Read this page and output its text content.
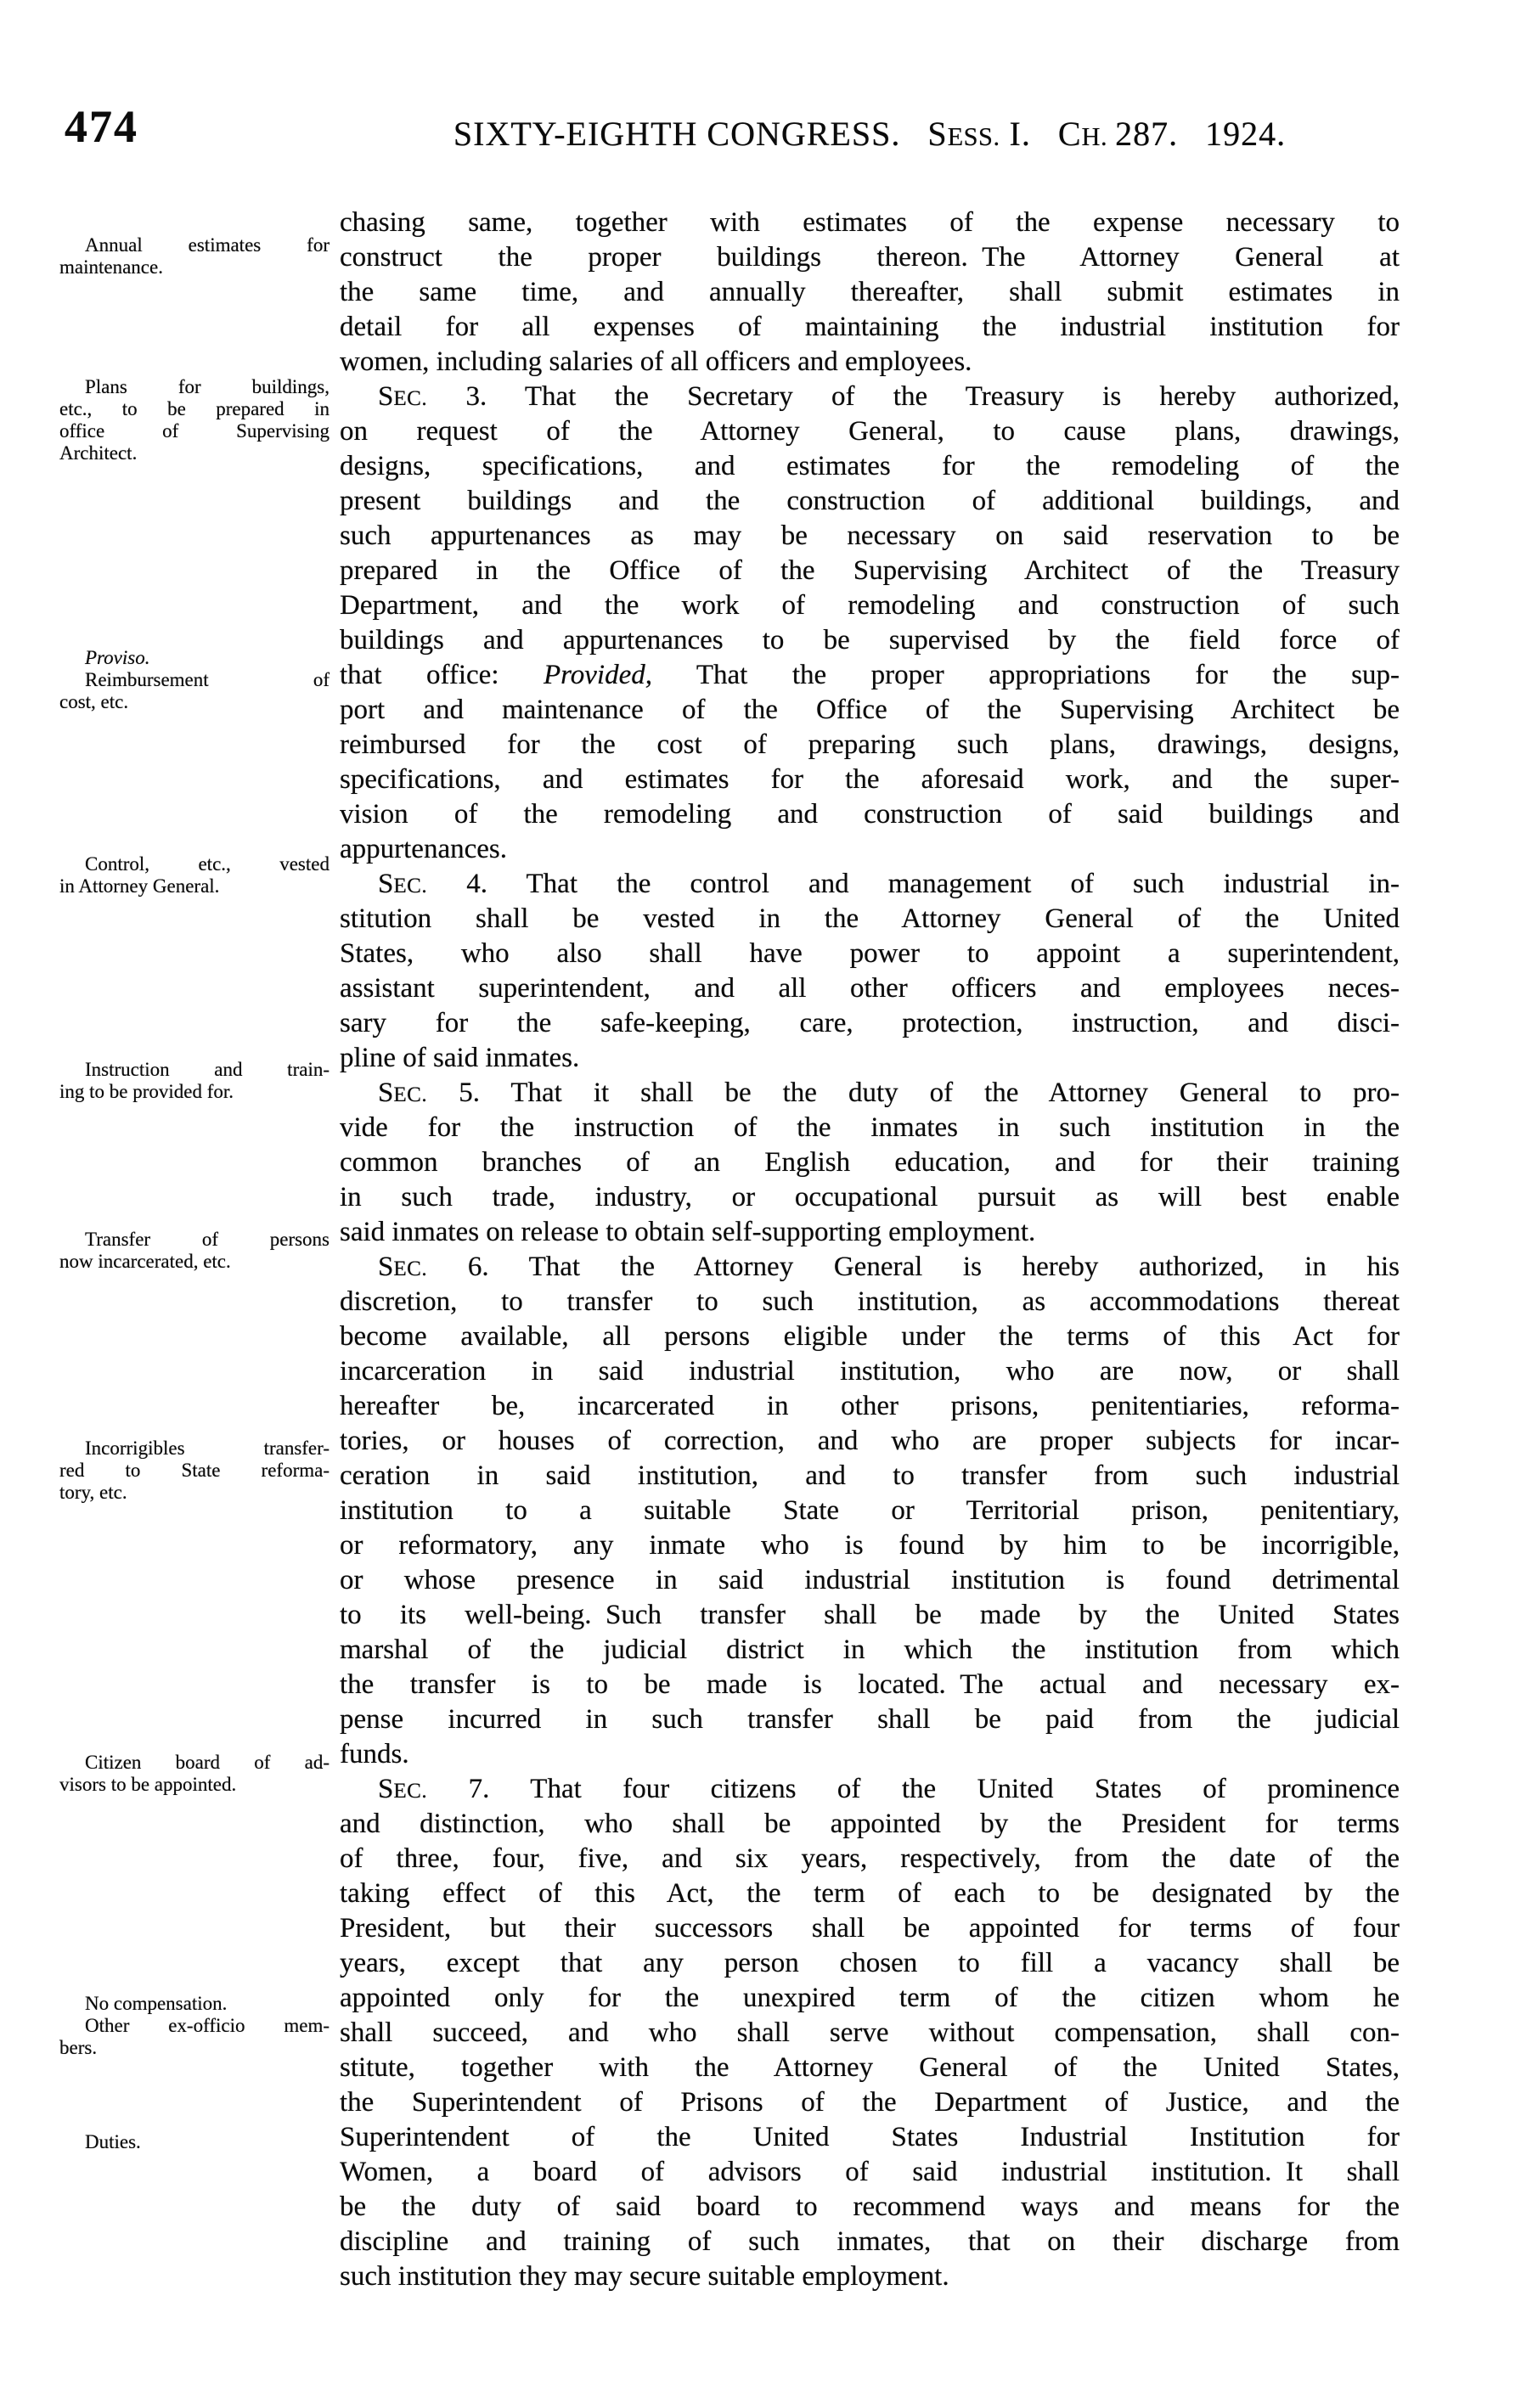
474	SIXTY-EIGHTH CONGRESS.  SESS. I.  CH. 287.  1924.
Annual estimates for
maintenance.
Plans for buildings,
etc., to be prepared in
office of Supervising
Architect.
Proviso.
Reimbursement of
cost, etc.
Control, etc., vested
in Attorney General.
Instruction and train-
ing to be provided for.
Transfer of persons
now incarcerated, etc.
Incorrigibles transfer-
red to State reforma-
tory, etc.
Citizen board of ad-
visors to be appointed.
No compensation.
Other ex-officio mem-
bers.
Duties.
chasing same, together with estimates of the expense necessary to
construct the proper buildings thereon. The Attorney General at
the same time, and annually thereafter, shall submit estimates in
detail for all expenses of maintaining the industrial institution for
women, including salaries of all officers and employees.
SEC. 3. That the Secretary of the Treasury is hereby authorized,
on request of the Attorney General, to cause plans, drawings,
designs, specifications, and estimates for the remodeling of the
present buildings and the construction of additional buildings, and
such appurtenances as may be necessary on said reservation to be
prepared in the Office of the Supervising Architect of the Treasury
Department, and the work of remodeling and construction of such
buildings and appurtenances to be supervised by the field force of
that office: Provided, That the proper appropriations for the sup-
port and maintenance of the Office of the Supervising Architect be
reimbursed for the cost of preparing such plans, drawings, designs,
specifications, and estimates for the aforesaid work, and the super-
vision of the remodeling and construction of said buildings and
appurtenances.
SEC. 4. That the control and management of such industrial in-
stitution shall be vested in the Attorney General of the United
States, who also shall have power to appoint a superintendent,
assistant superintendent, and all other officers and employees neces-
sary for the safe-keeping, care, protection, instruction, and disci-
pline of said inmates.
SEC. 5. That it shall be the duty of the Attorney General to pro-
vide for the instruction of the inmates in such institution in the
common branches of an English education, and for their training
in such trade, industry, or occupational pursuit as will best enable
said inmates on release to obtain self-supporting employment.
SEC. 6. That the Attorney General is hereby authorized, in his
discretion, to transfer to such institution, as accommodations thereat
become available, all persons eligible under the terms of this Act for
incarceration in said industrial institution, who are now, or shall
hereafter be, incarcerated in other prisons, penitentiaries, reforma-
tories, or houses of correction, and who are proper subjects for incar-
ceration in said institution, and to transfer from such industrial
institution to a suitable State or Territorial prison, penitentiary,
or reformatory, any inmate who is found by him to be incorrigible,
or whose presence in said industrial institution is found detrimental
to its well-being. Such transfer shall be made by the United States
marshal of the judicial district in which the institution from which
the transfer is to be made is located. The actual and necessary ex-
pense incurred in such transfer shall be paid from the judicial
funds.
SEC. 7. That four citizens of the United States of prominence
and distinction, who shall be appointed by the President for terms
of three, four, five, and six years, respectively, from the date of the
taking effect of this Act, the term of each to be designated by the
President, but their successors shall be appointed for terms of four
years, except that any person chosen to fill a vacancy shall be
appointed only for the unexpired term of the citizen whom he
shall succeed, and who shall serve without compensation, shall con-
stitute, together with the Attorney General of the United States,
the Superintendent of Prisons of the Department of Justice, and the
Superintendent of the United States Industrial Institution for
Women, a board of advisors of said industrial institution. It shall
be the duty of said board to recommend ways and means for the
discipline and training of such inmates, that on their discharge from
such institution they may secure suitable employment.
